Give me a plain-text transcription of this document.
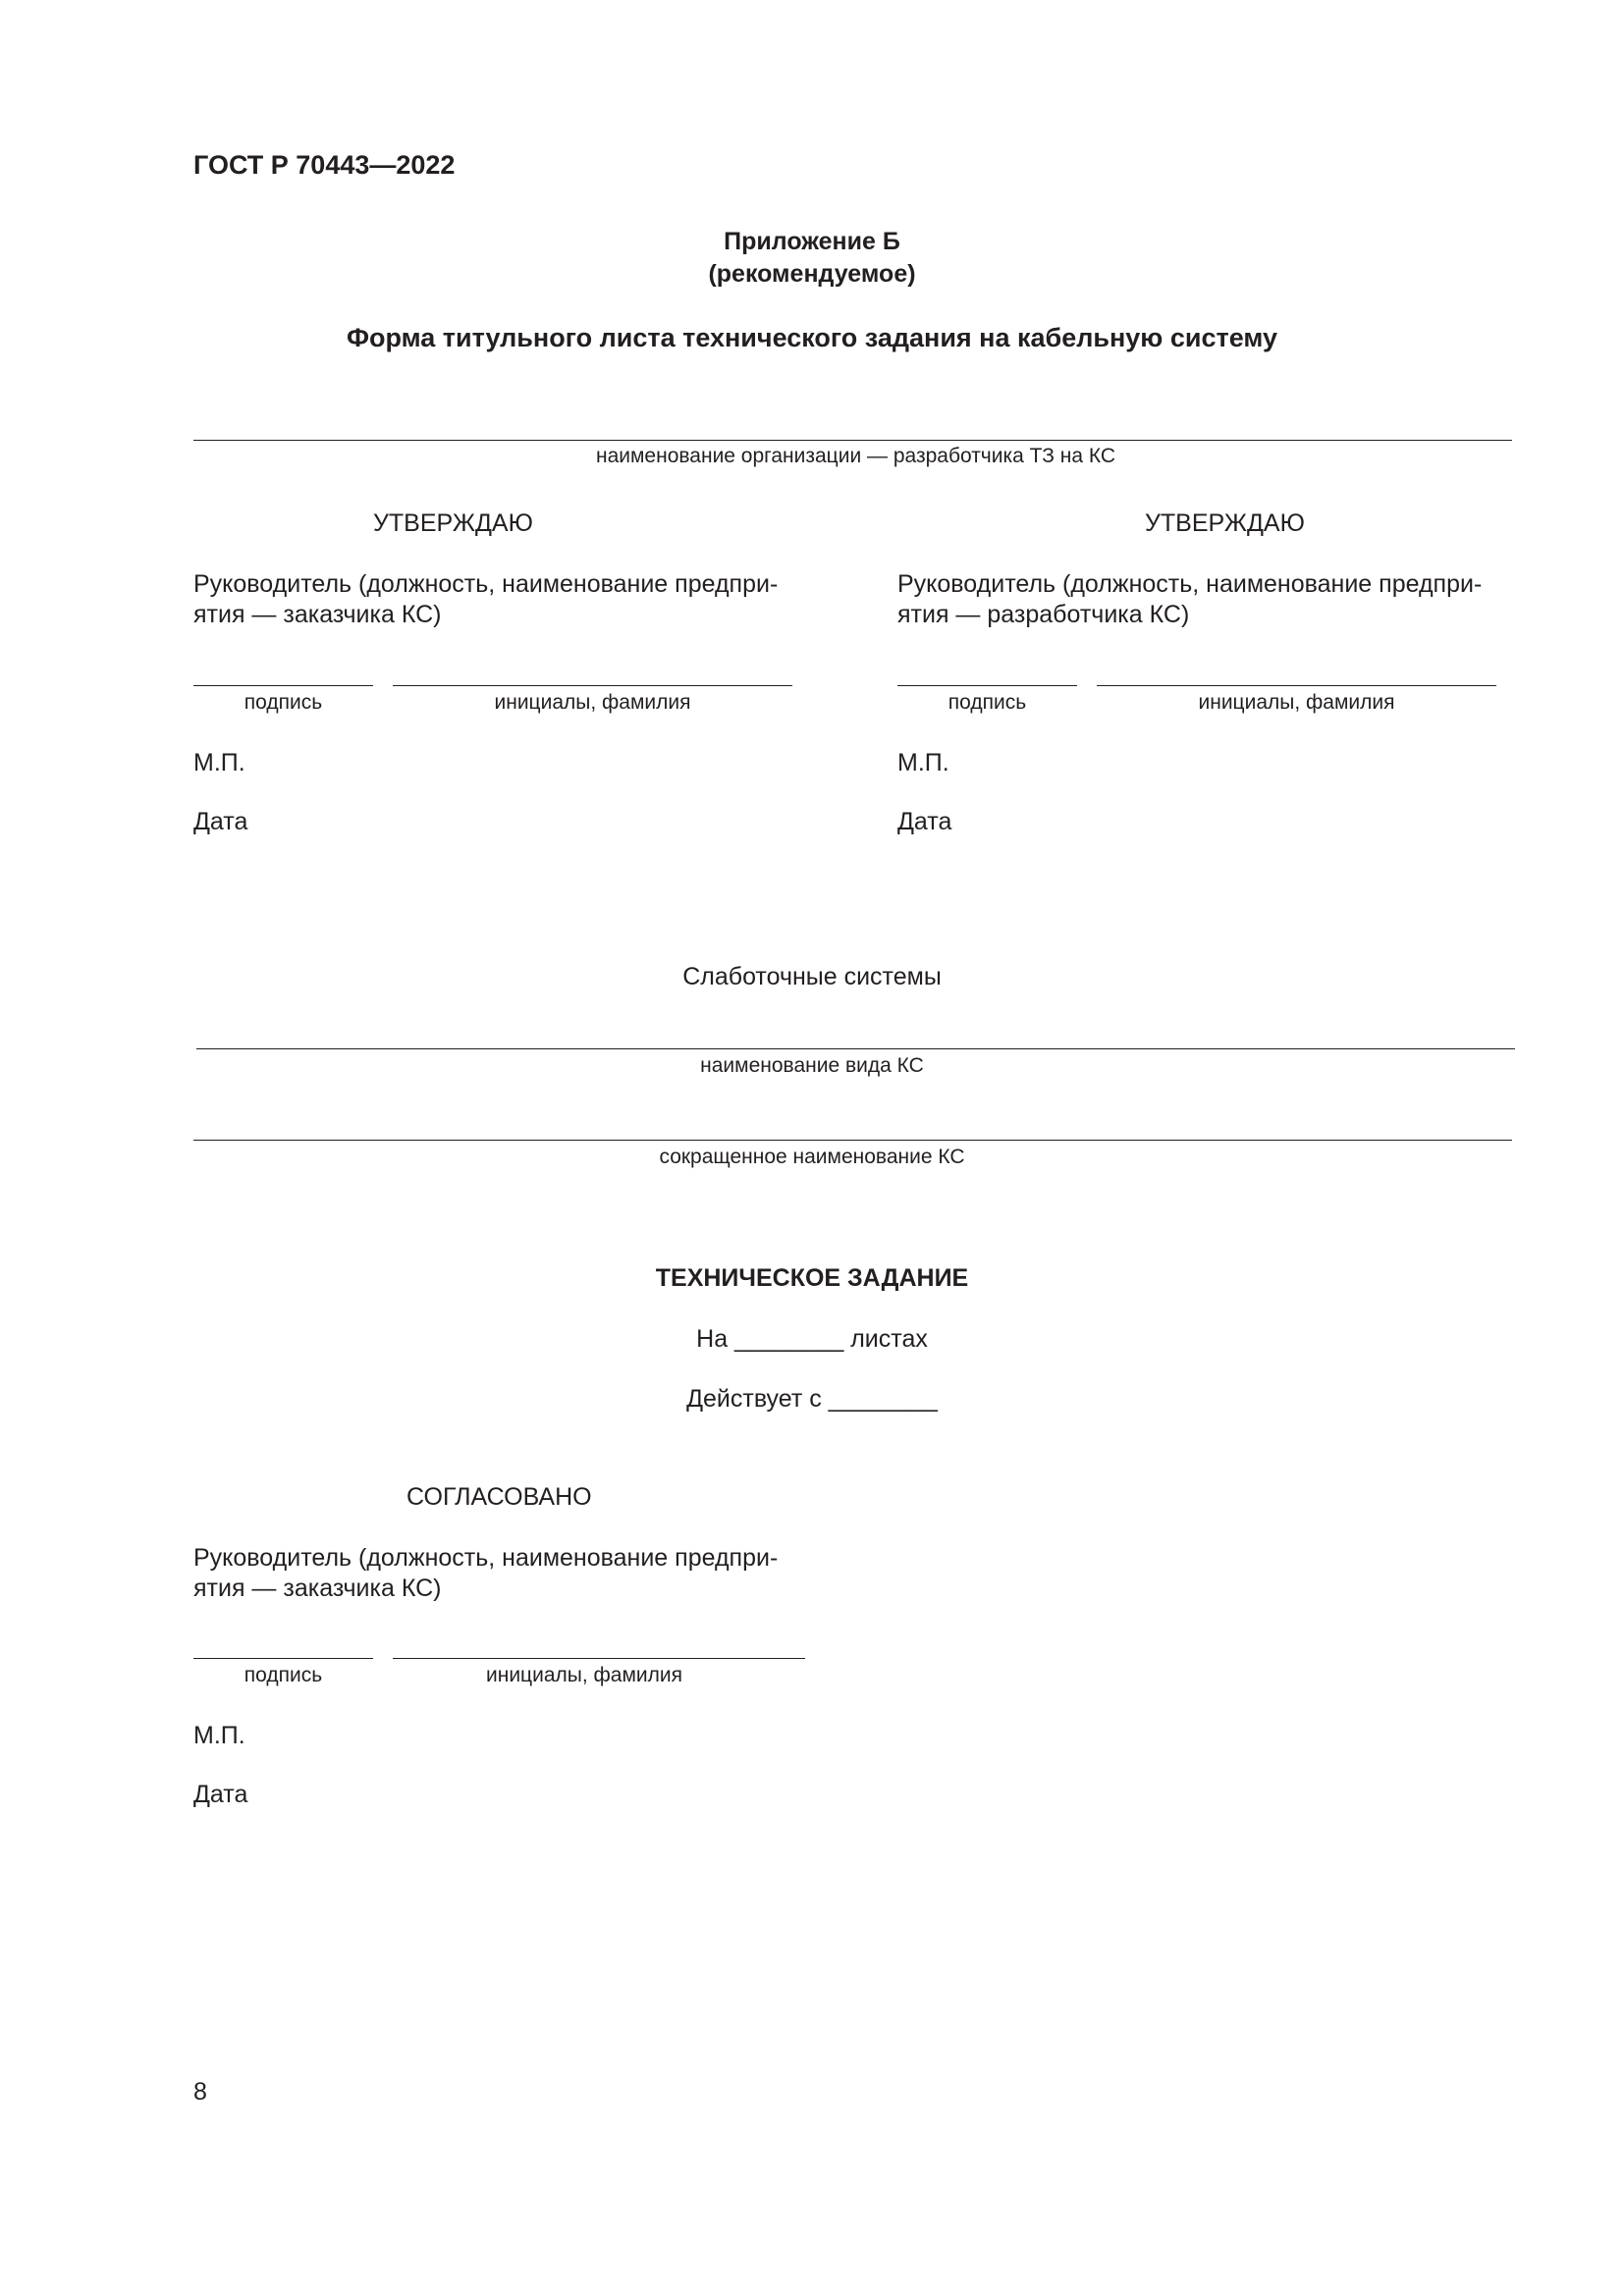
ГОСТ Р 70443—2022
Приложение Б
(рекомендуемое)
Форма титульного листа технического задания на кабельную систему
наименование организации — разработчика ТЗ на КС
УТВЕРЖДАЮ
Руководитель (должность, наименование предпри-
ятия — заказчика КС)
подпись	инициалы, фамилия
М.П.
Дата
УТВЕРЖДАЮ
Руководитель (должность, наименование предпри-
ятия — разработчика КС)
подпись	инициалы, фамилия
М.П.
Дата
Слаботочные системы
наименование вида КС
сокращенное наименование КС
ТЕХНИЧЕСКОЕ ЗАДАНИЕ
На ________ листах
Действует с ________
СОГЛАСОВАНО
Руководитель (должность, наименование предпри-
ятия — заказчика КС)
подпись	инициалы, фамилия
М.П.
Дата
8
